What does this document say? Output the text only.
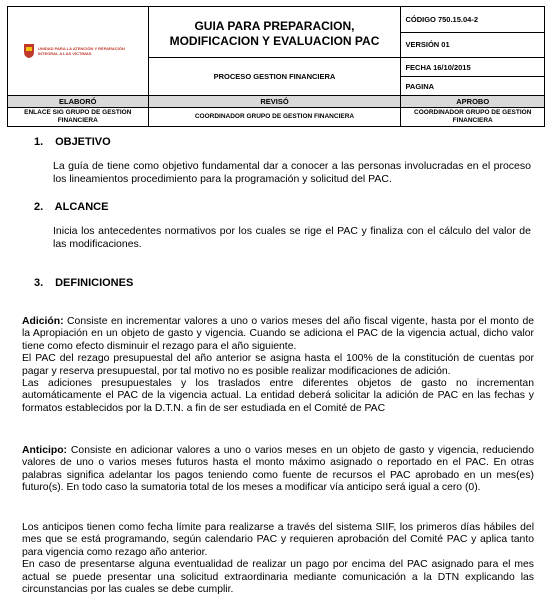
UNIDAD PARA LA ATENCIÓN Y REPARACIÓN INTEGRAL A LAS VÍCTIMAS	GUIA PARA PREPARACION, MODIFICACION Y EVALUACION PAC	CÓDIGO 750.15.04-2
		VERSIÓN 01
	PROCESO GESTION FINANCIERA	FECHA 16/10/2015
		PAGINA
ELABORÓ	REVISÓ	APROBO
ENLACE SIG GRUPO DE GESTION FINANCIERA	COORDINADOR GRUPO DE GESTION FINANCIERA	COORDINADOR GRUPO DE GESTION FINANCIERA
1. OBJETIVO
La guía de tiene como objetivo fundamental dar a conocer a las personas involucradas en el proceso los lineamientos procedimiento para la programación y solicitud del PAC.
2. ALCANCE
Inicia los antecedentes normativos por los cuales se rige el PAC y finaliza con el cálculo del valor de las modificaciones.
3. DEFINICIONES

Adición: Consiste en incrementar valores a uno o varios meses del año fiscal vigente, hasta por el monto de la Apropiación en un objeto de gasto y vigencia. Cuando se adiciona el PAC de la vigencia actual, dicho valor tiene como efecto disminuir el rezago para el año siguiente.

El PAC del rezago presupuestal del año anterior se asigna hasta el 100% de la constitución de cuentas por pagar y reserva presupuestal, por tal motivo no es posible realizar modificaciones de adición.

Las adiciones presupuestales y los traslados entre diferentes objetos de gasto no incrementan automáticamente el PAC de la vigencia actual. La entidad deberá solicitar la adición de PAC en las fechas y formatos establecidos por la D.T.N. a fin de ser estudiada en el Comité de PAC

Anticipo: Consiste en adicionar valores a uno o varios meses en un objeto de gasto y vigencia, reduciendo valores de uno o varios meses futuros hasta el monto máximo asignado o reportado en el PAC. En otras palabras significa adelantar los pagos teniendo como fuente de recursos el PAC aprobado en un mes(es) futuro(s). En todo caso la sumatoria total de los meses a modificar vía anticipo será igual a cero (0).

Los anticipos tienen como fecha límite para realizarse a través del sistema SIIF, los primeros días hábiles del mes que se está programando, según calendario PAC y requieren aprobación del Comité PAC y aplica tanto para vigencia como rezago año anterior.

En caso de presentarse alguna eventualidad de realizar un pago por encima del PAC asignado para el mes actual se puede presentar una solicitud extraordinaria mediante comunicación a la DTN explicando las circunstancias por las cuales se debe cumplir.
